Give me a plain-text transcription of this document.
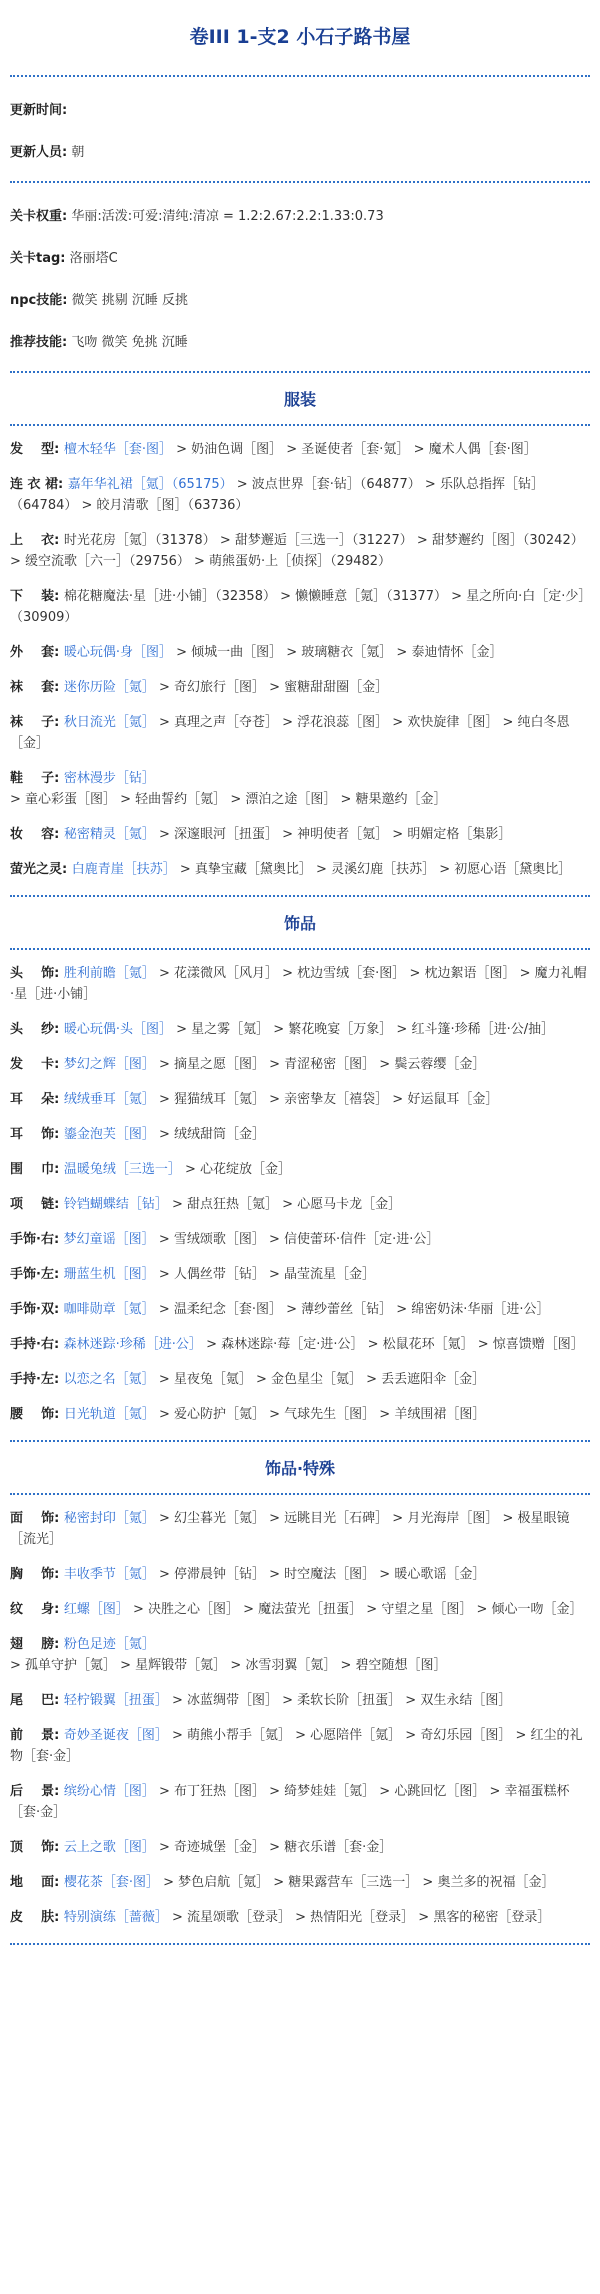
卷III 1-支2 小石子路书屋
更新时间:
更新人员: 朝
关卡权重: 华丽:活泼:可爱:清纯:清凉 = 1.2:2.67:2.2:1.33:0.73
关卡tag: 洛丽塔C
npc技能: 微笑 挑剔 沉睡 反挑
推荐技能: 飞吻 微笑 免挑 沉睡
服装
发    型: 檀木轻华［套·图］ > 奶油色调［图］ > 圣诞使者［套·氪］ > 魔术人偶［套·图］
连 衣 裙: 嘉年华礼裙［氪］（65175） > 波点世界［套·钻］（64877） > 乐队总指挥［钻］（64784） > 皎月清歌［图］（63736）
上    衣: 时光花房［氪］（31378） > 甜梦邂逅［三选一］（31227） > 甜梦邂约［图］（30242） > 缓空流歌［六一］（29756） > 萌熊蛋奶·上［侦探］（29482）
下    装: 棉花糖魔法·星［进·小铺］（32358） > 懒懒睡意［氪］（31377） > 星之所向·白［定·少］（30909）
外    套: 暖心玩偶·身［图］ > 倾城一曲［图］ > 玻璃糖衣［氪］ > 泰迪情怀［金］
袜    套: 迷你历险［氪］ > 奇幻旅行［图］ > 蜜糖甜甜圈［金］
袜    子: 秋日流光［氪］ > 真理之声［夺苍］ > 浮花浪蕊［图］ > 欢快旋律［图］ > 纯白冬恩［金］
鞋    子: 密林漫步［钻］ > 童心彩蛋［图］ > 轻曲誓约［氪］ > 漂泊之途［图］ > 糖果邀约［金］
妆    容: 秘密精灵［氪］ > 深邃眼河［扭蛋］ > 神明使者［氪］ > 明媚定格［集影］
萤光之灵: 白鹿青崖［扶苏］ > 真挚宝藏［黛奥比］ > 灵溪幻鹿［扶苏］ > 初愿心语［黛奥比］
饰品
头    饰: 胜利前瞻［氪］ > 花漾微风［风月］ > 枕边雪绒［套·图］ > 枕边絮语［图］ > 魔力礼帽·星［进·小铺］
头    纱: 暖心玩偶·头［图］ > 星之雾［氪］ > 繁花晚宴［万象］ > 红斗篷·珍稀［进·公/抽］
发    卡: 梦幻之辉［图］ > 摘星之愿［图］ > 青涩秘密［图］ > 鬓云蓉缨［金］
耳    朵: 绒绒垂耳［氪］ > 猩猫绒耳［氪］ > 亲密挚友［禧袋］ > 好运鼠耳［金］
耳    饰: 鎏金泡芙［图］ > 绒绒甜筒［金］
围    巾: 温暖兔绒［三选一］ > 心花绽放［金］
项    链: 铃铛蝴蝶结［钻］ > 甜点狂热［氪］ > 心愿马卡龙［金］
手饰·右: 梦幻童谣［图］ > 雪绒颂歌［图］ > 信使蕾环·信件［定·进·公］
手饰·左: 珊蓝生机［图］ > 人偶丝带［钻］ > 晶莹流星［金］
手饰·双: 咖啡勋章［氪］ > 温柔纪念［套·图］ > 薄纱蕾丝［钻］ > 绵密奶沫·华丽［进·公］
手持·右: 森林迷踪·珍稀［进·公］ > 森林迷踪·莓［定·进·公］ > 松鼠花环［氪］ > 惊喜馈赠［图］
手持·左: 以恋之名［氪］ > 星夜兔［氪］ > 金色星尘［氪］ > 丢丢遮阳伞［金］
腰    饰: 日光轨道［氪］ > 爱心防护［氪］ > 气球先生［图］ > 羊绒围裙［图］
饰品·特殊
面    饰: 秘密封印［氪］ > 幻尘暮光［氪］ > 远眺目光［石碑］ > 月光海岸［图］ > 极星眼镜［流光］
胸    饰: 丰收季节［氪］ > 停滞晨钟［钻］ > 时空魔法［图］ > 暖心歌谣［金］
纹    身: 红螺［图］ > 决胜之心［图］ > 魔法萤光［扭蛋］ > 守望之星［图］ > 倾心一吻［金］
翅    膀: 粉色足迹［氪］ > 孤单守护［氪］ > 星辉锻带［氪］ > 冰雪羽翼［氪］ > 碧空随想［图］
尾    巴: 轻柠锻翼［扭蛋］ > 冰蓝绸带［图］ > 柔软长阶［扭蛋］ > 双生永结［图］
前    景: 奇妙圣诞夜［图］ > 萌熊小帮手［氪］ > 心愿陪伴［氪］ > 奇幻乐园［图］ > 红尘的礼物［套·金］
后    景: 缤纷心情［图］ > 布丁狂热［图］ > 绮梦娃娃［氪］ > 心跳回忆［图］ > 幸福蛋糕杯［套·金］
顶    饰: 云上之歌［图］ > 奇迹城堡［金］ > 糖衣乐谱［套·金］
地    面: 樱花茶［套·图］ > 梦色启航［氪］ > 糖果露营车［三选一］ > 奥兰多的祝福［金］
皮    肤: 特别演练［蔷薇］ > 流星颂歌［登录］ > 热情阳光［登录］ > 黑客的秘密［登录］
